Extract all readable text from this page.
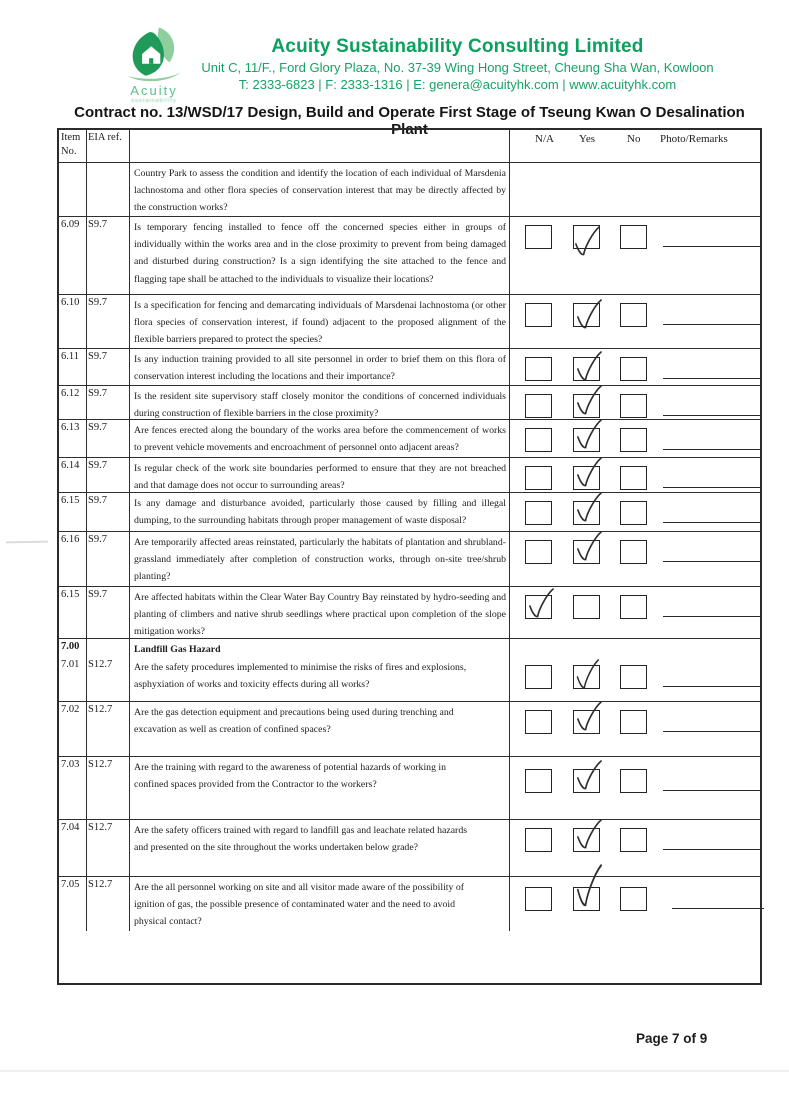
Acuity
sustainability
Acuity Sustainability Consulting Limited
Unit C, 11/F., Ford Glory Plaza, No. 37-39 Wing Hong Street, Cheung Sha Wan, Kowloon
T: 2333-6823 | F: 2333-1316 | E: genera@acuityhk.com | www.acuityhk.com
Contract no. 13/WSD/17 Design, Build and Operate First Stage of Tseung Kwan O Desalination Plant
Item
No.
EIA ref.	N/A Yes	No Photo/Remarks
Country Park to assess the condition and identify the location of each individual of Marsdenia lachnostoma and other flora species of conservation interest that may be directly affected by the construction works?
6.09 S9.7	Is temporary fencing installed to fence off the concerned species either in groups of individually within the works area and in the close proximity to prevent from being damaged and disturbed during construction? Is a sign identifying the site attached to the fence and flagging tape shall be attached to the individuals to visualize their locations?
6.10 S9.7	Is a specification for fencing and demarcating individuals of Marsdenai lachnostoma (or other flora species of conservation interest, if found) adjacent to the proposed alignment of the flexible barriers prepared to protect the species?
6.11 S9.7	Is any induction training provided to all site personnel in order to brief them on this flora of conservation interest including the locations and their importance?
6.12 S9.7	Is the resident site supervisory staff closely monitor the conditions of concerned individuals during construction of flexible barriers in the close proximity?
6.13 S9.7	Are fences erected along the boundary of the works area before the commencement of works to prevent vehicle movements and encroachment of personnel onto adjacent areas?
6.14 S9.7	Is regular check of the work site boundaries performed to ensure that they are not breached and that damage does not occur to surrounding areas?
6.15 S9.7	Is any damage and disturbance avoided, particularly those caused by filling and illegal dumping, to the surrounding habitats through proper management of waste disposal?
6.16 S9.7	Are temporarily affected areas reinstated, particularly the habitats of plantation and shrubland-grassland immediately after completion of construction works, through on-site tree/shrub planting?
6.15 S9.7	Are affected habitats within the Clear Water Bay Country Bay reinstated by hydro-seeding and planting of climbers and native shrub seedlings where practical upon completion of the slope mitigation works?
7.00	Landfill Gas Hazard
7.01 S12.7	Are the safety procedures implemented to minimise the risks of fires and explosions, asphyxiation of works and toxicity effects during all works?
7.02 S12.7	Are the gas detection equipment and precautions being used during trenching and excavation as well as creation of confined spaces?
7.03 S12.7	Are the training with regard to the awareness of potential hazards of working in confined spaces provided from the Contractor to the workers?
7.04 S12.7	Are the safety officers trained with regard to landfill gas and leachate related hazards and presented on the site throughout the works undertaken below grade?
7.05 S12.7	Are the all personnel working on site and all visitor made aware of the possibility of ignition of gas, the possible presence of contaminated water and the need to avoid physical contact?
Page 7 of 9
